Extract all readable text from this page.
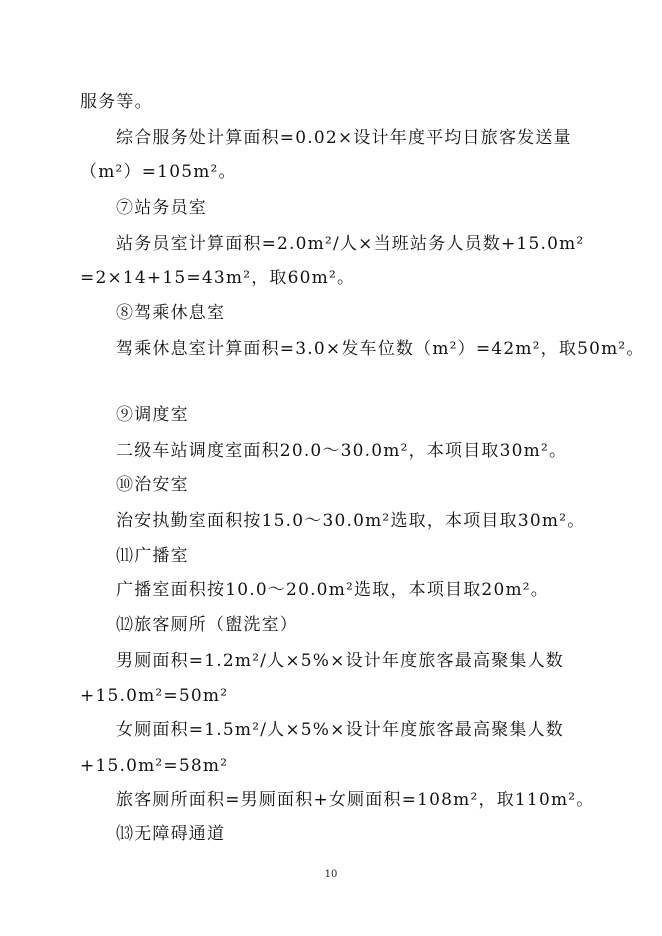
服务等。
综合服务处计算面积=0.02×设计年度平均日旅客发送量
（m²）=105m²。
⑦站务员室
站务员室计算面积=2.0m²/人×当班站务人员数+15.0m²
=2×14+15=43m²，取60m²。
⑧驾乘休息室
驾乘休息室计算面积=3.0×发车位数（m²）=42m²，取50m²。
⑨调度室
二级车站调度室面积20.0～30.0m²，本项目取30m²。
⑩治安室
治安执勤室面积按15.0～30.0m²选取，本项目取30m²。
⑾广播室
广播室面积按10.0～20.0m²选取，本项目取20m²。
⑿旅客厕所（盥洗室）
男厕面积=1.2m²/人×5%×设计年度旅客最高聚集人数
+15.0m²=50m²
女厕面积=1.5m²/人×5%×设计年度旅客最高聚集人数
+15.0m²=58m²
旅客厕所面积=男厕面积+女厕面积=108m²，取110m²。
⒀无障碍通道
10
